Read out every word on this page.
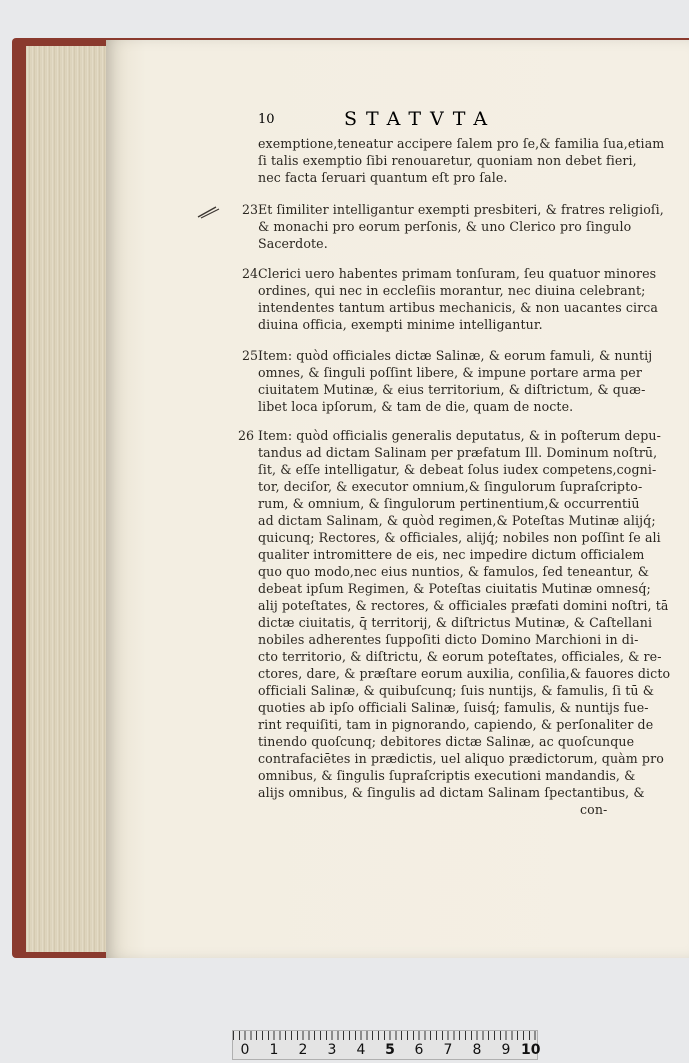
10	STATVTA
exemptione,teneatur accipere ſalem pro ſe,& familia ſua,etiam
ſi talis exemptio ſibi renouaretur, quoniam non debet fieri,
nec facta ſeruari quantum eſt pro ſale.
23 Et ſimiliter intelligantur exempti presbiteri, & fratres religioſi,
& monachi pro eorum perſonis, & uno Clerico pro ſingulo
Sacerdote.
24 Clerici uero habentes primam tonſuram, ſeu quatuor minores
ordines, qui nec in eccleſiis morantur, nec diuina celebrant;
intendentes tantum artibus mechanicis, & non uacantes circa
diuina officia, exempti minime intelligantur.
25 Item: quòd officiales dictæ Salinæ, & eorum famuli, & nuntij
omnes, & ſinguli poſſint libere, & impune portare arma per
ciuitatem Mutinæ, & eius territorium, & diſtrictum, & quæ-
libet loca ipſorum, & tam de die, quam de nocte.
26 Item: quòd officialis generalis deputatus, & in poſterum depu-
tandus ad dictam Salinam per præfatum Ill. Dominum noſtrū,
ſit, & eſſe intelligatur, & debeat ſolus iudex competens,cogni-
tor, deciſor, & executor omnium,& ſingulorum ſupraſcripto-
rum, & omnium, & ſingulorum pertinentium,& occurrentiū
ad dictam Salinam, & quòd regimen,& Poteſtas Mutinæ alijq́;
quicunq; Rectores, & officiales, alijq́; nobiles non poſſint ſe ali
qualiter intromittere de eis, nec impedire dictum officialem
quo quo modo,nec eius nuntios, & famulos, ſed teneantur, &
debeat ipſum Regimen, & Poteſtas ciuitatis Mutinæ omnesq́;
alij poteſtates, & rectores, & officiales præfati domini noſtri, tā
dictæ ciuitatis, q̄ territorij, & diſtrictus Mutinæ, & Caſtellani
nobiles adherentes ſuppoſiti dicto Domino Marchioni in di-
cto territorio, & diſtrictu, & eorum poteſtates, officiales, & re-
ctores, dare, & præſtare eorum auxilia, conſilia,& fauores dicto
officiali Salinæ, & quibuſcunq; ſuis nuntijs, & famulis, ſi tū &
quoties ab ipſo officiali Salinæ, ſuisq́; famulis, & nuntijs fue-
rint requiſiti, tam in pignorando, capiendo, & perſonaliter de
tinendo quoſcunq; debitores dictæ Salinæ, ac quoſcunque
contrafaciētes in prædictis, uel aliquo prædictorum, quàm pro
omnibus, & ſingulis ſupraſcriptis executioni mandandis, &
alijs omnibus, & ſingulis ad dictam Salinam ſpectantibus, &
con-
0 1 2 3 4 5 6 7 8 9 10
